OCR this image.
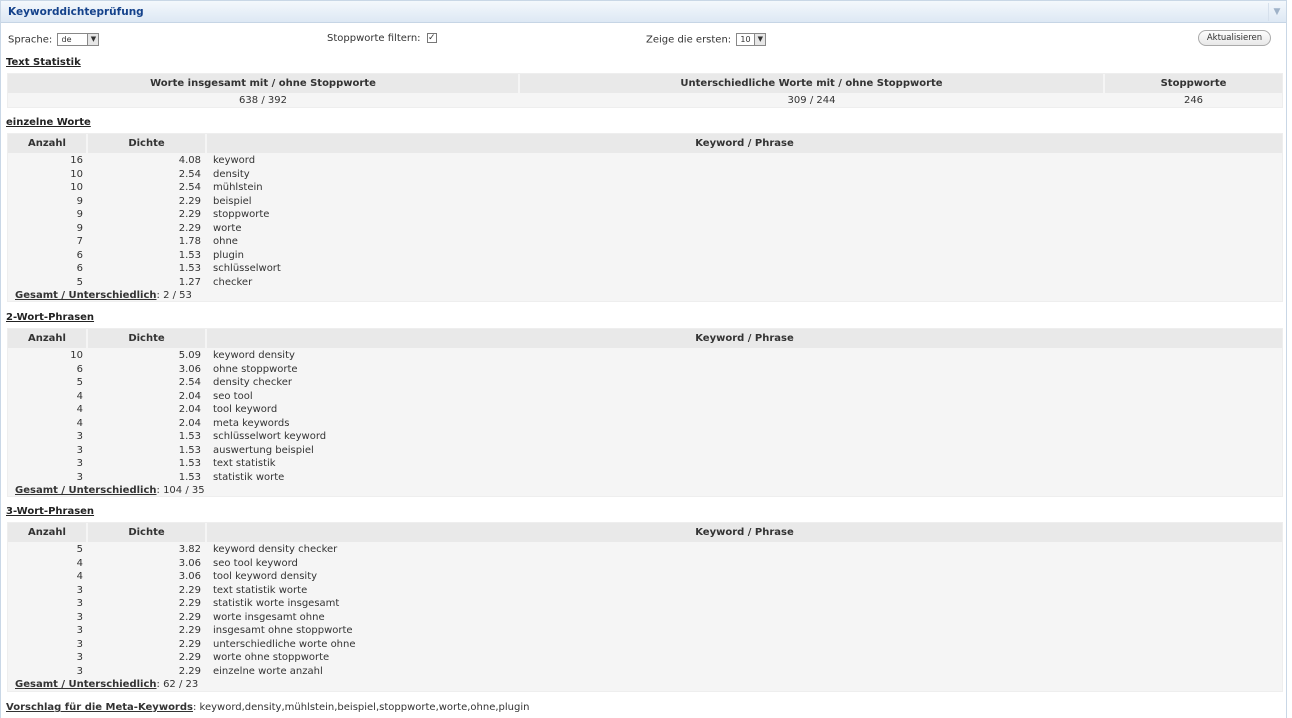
Keyworddichteprüfung	▼
Sprache: de	▼	Stoppworte filtern: ✓	Zeige die ersten: 10	▼	Aktualisieren
Text Statistik
Worte insgesamt mit / ohne Stoppworte	Unterschiedliche Worte mit / ohne Stoppworte	Stoppworte
638 / 392	309 / 244	246
einzelne Worte
Anzahl	Dichte	Keyword / Phrase
16	4.08 keyword
10	2.54 density
10	2.54 mühlstein
9	2.29 beispiel
9	2.29 stoppworte
9	2.29 worte
7	1.78 ohne
6	1.53 plugin
6	1.53 schlüsselwort
5	1.27 checker
Gesamt / Unterschiedlich: 2 / 53
2-Wort-Phrasen
Anzahl	Dichte	Keyword / Phrase
10	5.09 keyword density
6	3.06 ohne stoppworte
5	2.54 density checker
4	2.04 seo tool
4	2.04 tool keyword
4	2.04 meta keywords
3	1.53 schlüsselwort keyword
3	1.53 auswertung beispiel
3	1.53 text statistik
3	1.53 statistik worte
Gesamt / Unterschiedlich: 104 / 35
3-Wort-Phrasen
Anzahl	Dichte	Keyword / Phrase
5	3.82 keyword density checker
4	3.06 seo tool keyword
4	3.06 tool keyword density
3	2.29 text statistik worte
3	2.29 statistik worte insgesamt
3	2.29 worte insgesamt ohne
3	2.29 insgesamt ohne stoppworte
3	2.29 unterschiedliche worte ohne
3	2.29 worte ohne stoppworte
3	2.29 einzelne worte anzahl
Gesamt / Unterschiedlich: 62 / 23
Vorschlag für die Meta-Keywords: keyword,density,mühlstein,beispiel,stoppworte,worte,ohne,plugin
